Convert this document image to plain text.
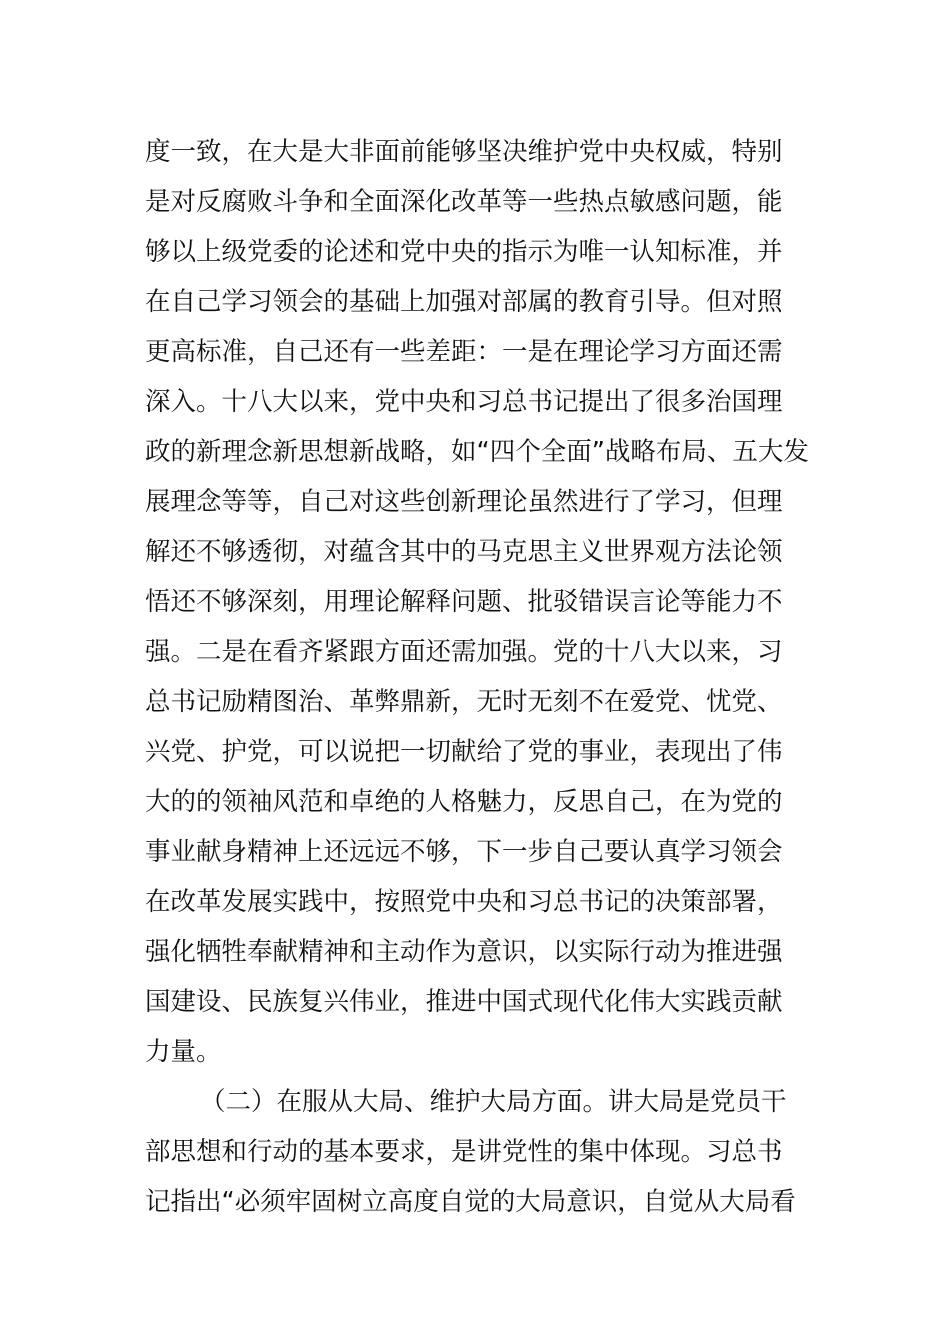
度一致，在大是大非面前能够坚决维护党中央权威，特别
是对反腐败斗争和全面深化改革等一些热点敏感问题，能
够以上级党委的论述和党中央的指示为唯一认知标准，并
在自己学习领会的基础上加强对部属的教育引导。但对照
更高标准，自己还有一些差距：一是在理论学习方面还需
深入。十八大以来，党中央和习总书记提出了很多治国理
政的新理念新思想新战略，如“四个全面”战略布局、五大发
展理念等等，自己对这些创新理论虽然进行了学习，但理
解还不够透彻，对蕴含其中的马克思主义世界观方法论领
悟还不够深刻，用理论解释问题、批驳错误言论等能力不
强。二是在看齐紧跟方面还需加强。党的十八大以来，习
总书记励精图治、革弊鼎新，无时无刻不在爱党、忧党、
兴党、护党，可以说把一切献给了党的事业，表现出了伟
大的的领袖风范和卓绝的人格魅力，反思自己，在为党的
事业献身精神上还远远不够，下一步自己要认真学习领会
在改革发展实践中，按照党中央和习总书记的决策部署，
强化牺牲奉献精神和主动作为意识，以实际行动为推进强
国建设、民族复兴伟业，推进中国式现代化伟大实践贡献
力量。
（二）在服从大局、维护大局方面。讲大局是党员干
部思想和行动的基本要求，是讲党性的集中体现。习总书
记指出“必须牢固树立高度自觉的大局意识，自觉从大局看
